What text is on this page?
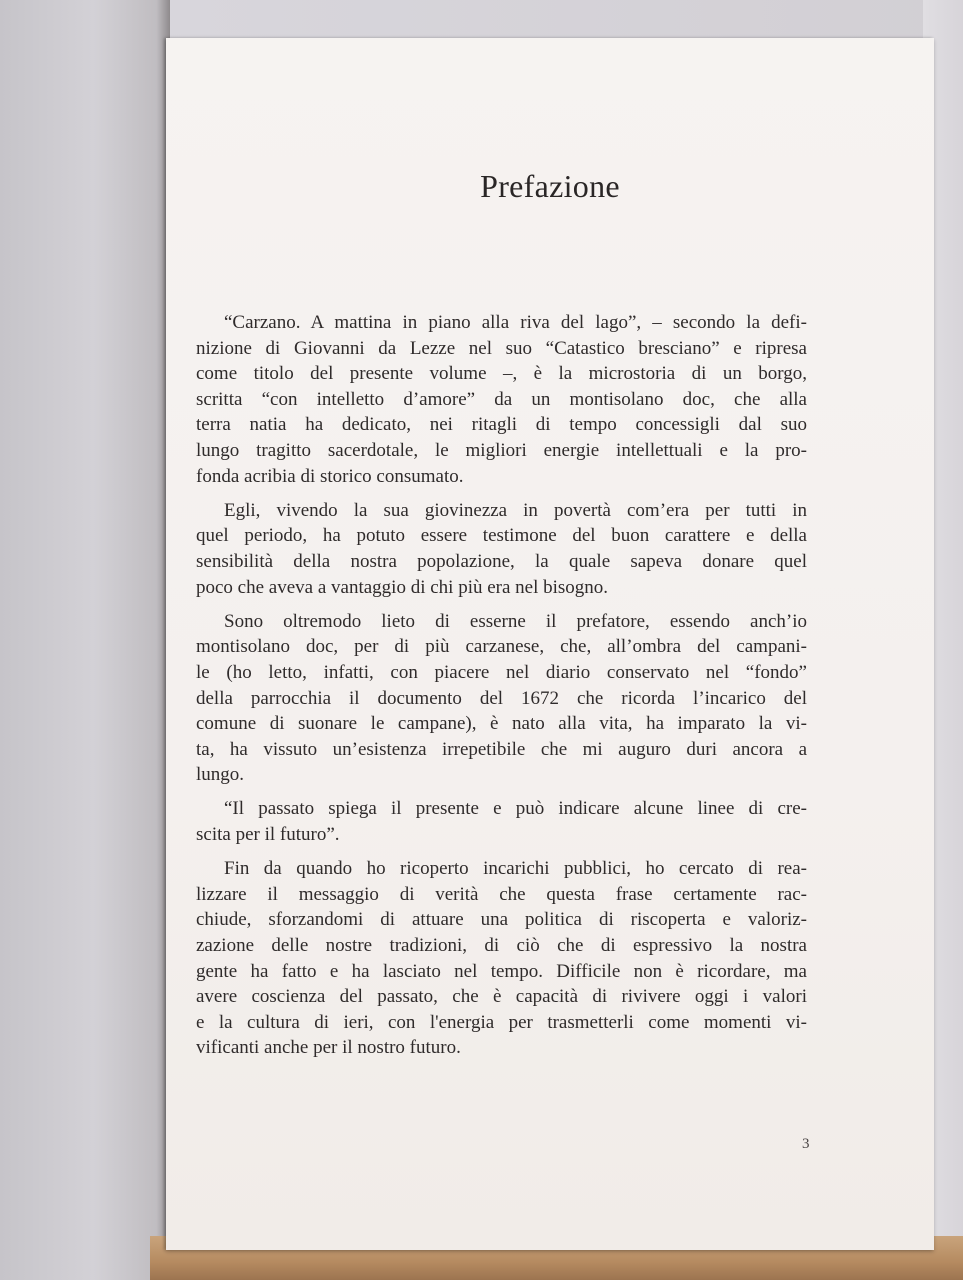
Prefazione
“Carzano. A mattina in piano alla riva del lago”, – secondo la defi-
nizione di Giovanni da Lezze nel suo “Catastico bresciano” e ripresa
come titolo del presente volume –, è la microstoria di un borgo,
scritta “con intelletto d’amore” da un montisolano doc, che alla
terra natia ha dedicato, nei ritagli di tempo concessigli dal suo
lungo tragitto sacerdotale, le migliori energie intellettuali e la pro-
fonda acribia di storico consumato.
Egli, vivendo la sua giovinezza in povertà com’era per tutti in
quel periodo, ha potuto essere testimone del buon carattere e della
sensibilità della nostra popolazione, la quale sapeva donare quel
poco che aveva a vantaggio di chi più era nel bisogno.
Sono oltremodo lieto di esserne il prefatore, essendo anch’io
montisolano doc, per di più carzanese, che, all’ombra del campani-
le (ho letto, infatti, con piacere nel diario conservato nel “fondo”
della parrocchia il documento del 1672 che ricorda l’incarico del
comune di suonare le campane), è nato alla vita, ha imparato la vi-
ta, ha vissuto un’esistenza irrepetibile che mi auguro duri ancora a
lungo.
“Il passato spiega il presente e può indicare alcune linee di cre-
scita per il futuro”.
Fin da quando ho ricoperto incarichi pubblici, ho cercato di rea-
lizzare il messaggio di verità che questa frase certamente rac-
chiude, sforzandomi di attuare una politica di riscoperta e valoriz-
zazione delle nostre tradizioni, di ciò che di espressivo la nostra
gente ha fatto e ha lasciato nel tempo. Difficile non è ricordare, ma
avere coscienza del passato, che è capacità di rivivere oggi i valori
e la cultura di ieri, con l'energia per trasmetterli come momenti vi-
vificanti anche per il nostro futuro.
3
